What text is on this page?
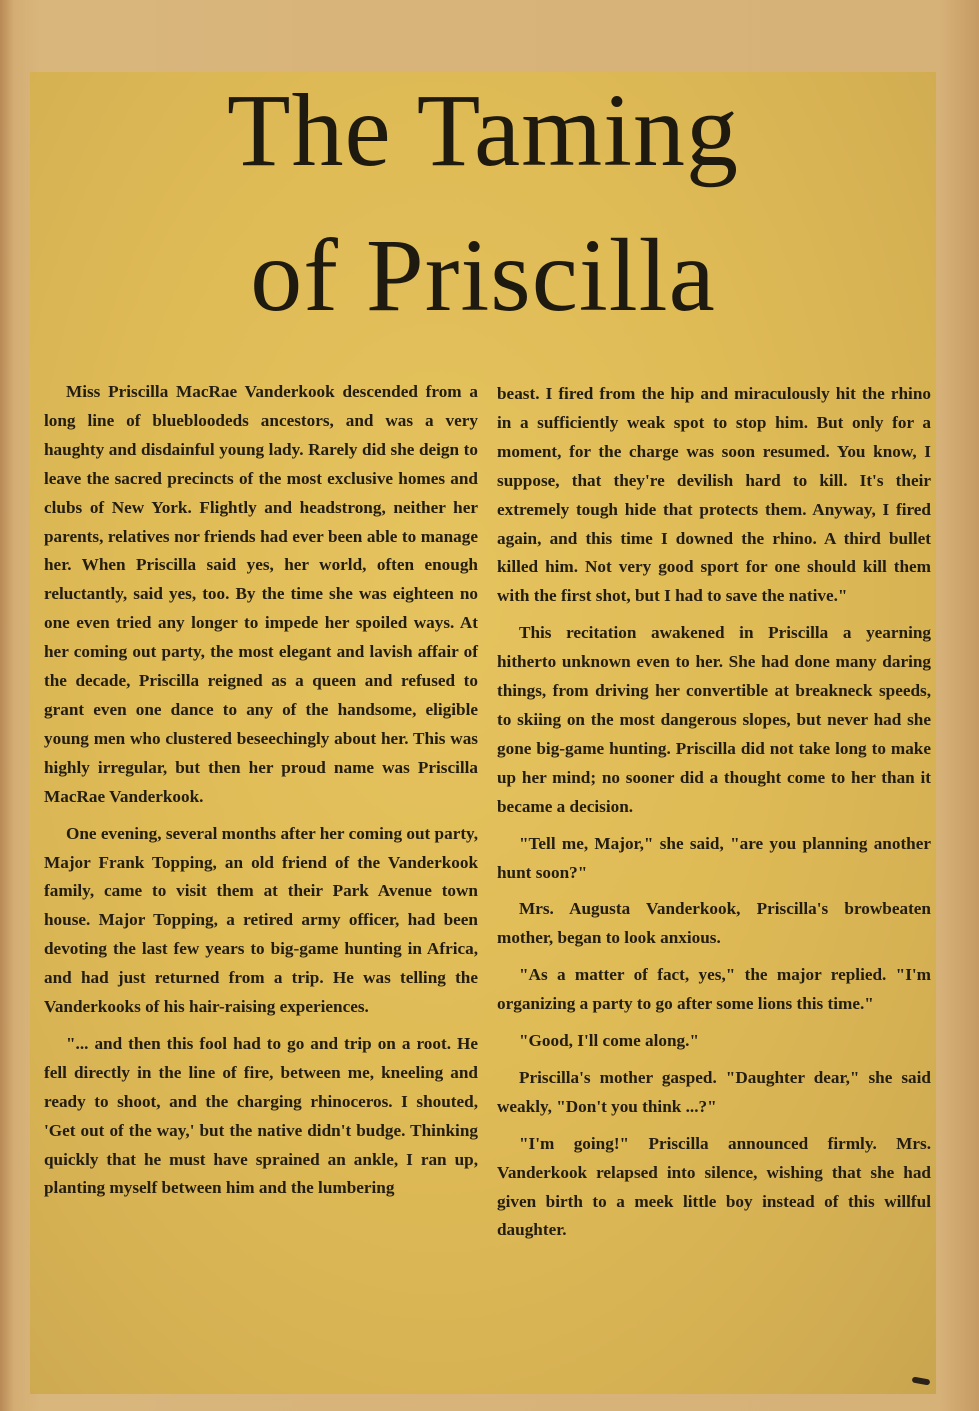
The Taming
of Priscilla

Miss Priscilla MacRae Vanderkook descended from a long line of bluebloodeds ancestors, and was a very haughty and disdainful young lady. Rarely did she deign to leave the sacred precincts of the most exclusive homes and clubs of New York. Flightly and headstrong, neither her parents, relatives nor friends had ever been able to manage her. When Priscilla said yes, her world, often enough reluctantly, said yes, too. By the time she was eighteen no one even tried any longer to impede her spoiled ways. At her coming out party, the most elegant and lavish affair of the decade, Priscilla reigned as a queen and refused to grant even one dance to any of the handsome, eligible young men who clustered beseechingly about her. This was highly irregular, but then her proud name was Priscilla MacRae Vanderkook.

One evening, several months after her coming out party, Major Frank Topping, an old friend of the Vanderkook family, came to visit them at their Park Avenue town house. Major Topping, a retired army officer, had been devoting the last few years to big-game hunting in Africa, and had just returned from a trip. He was telling the Vanderkooks of his hair-raising experiences.

"... and then this fool had to go and trip on a root. He fell directly in the line of fire, between me, kneeling and ready to shoot, and the charging rhinoceros. I shouted, 'Get out of the way,' but the native didn't budge. Thinking quickly that he must have sprained an ankle, I ran up, planting myself between him and the lumbering

beast. I fired from the hip and miraculously hit the rhino in a sufficiently weak spot to stop him. But only for a moment, for the charge was soon resumed. You know, I suppose, that they're devilish hard to kill. It's their extremely tough hide that protects them. Anyway, I fired again, and this time I downed the rhino. A third bullet killed him. Not very good sport for one should kill them with the first shot, but I had to save the native."

This recitation awakened in Priscilla a yearning hitherto unknown even to her. She had done many daring things, from driving her convertible at breakneck speeds, to skiing on the most dangerous slopes, but never had she gone big-game hunting. Priscilla did not take long to make up her mind; no sooner did a thought come to her than it became a decision.

"Tell me, Major," she said, "are you planning another hunt soon?"

Mrs. Augusta Vanderkook, Priscilla's browbeaten mother, began to look anxious.

"As a matter of fact, yes," the major replied. "I'm organizing a party to go after some lions this time."

"Good, I'll come along."

Priscilla's mother gasped. "Daughter dear," she said weakly, "Don't you think ...?"

"I'm going!" Priscilla announced firmly. Mrs. Vanderkook relapsed into silence, wishing that she had given birth to a meek little boy instead of this willful daughter.
